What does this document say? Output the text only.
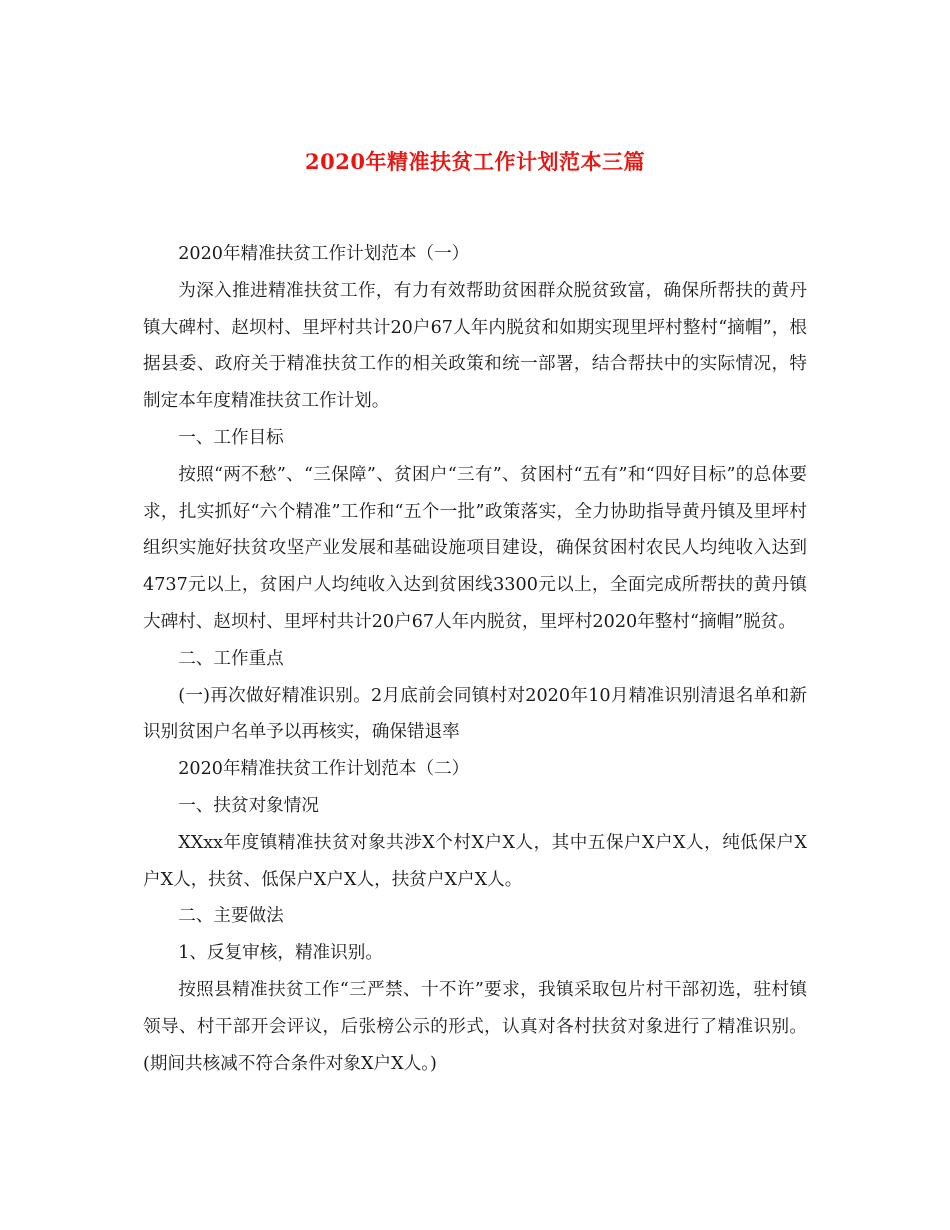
2020年精准扶贫工作计划范本三篇

2020年精准扶贫工作计划范本（一）

为深入推进精准扶贫工作，有力有效帮助贫困群众脱贫致富，确保所帮扶的黄丹镇大碑村、赵坝村、里坪村共计20户67人年内脱贫和如期实现里坪村整村“摘帽”，根据县委、政府关于精准扶贫工作的相关政策和统一部署，结合帮扶中的实际情况，特制定本年度精准扶贫工作计划。

一、工作目标

按照“两不愁”、“三保障”、贫困户“三有”、贫困村“五有”和“四好目标”的总体要求，扎实抓好“六个精准”工作和“五个一批”政策落实，全力协助指导黄丹镇及里坪村组织实施好扶贫攻坚产业发展和基础设施项目建设，确保贫困村农民人均纯收入达到4737元以上，贫困户人均纯收入达到贫困线3300元以上，全面完成所帮扶的黄丹镇大碑村、赵坝村、里坪村共计20户67人年内脱贫，里坪村2020年整村“摘帽”脱贫。

二、工作重点

(一)再次做好精准识别。2月底前会同镇村对2020年10月精准识别清退名单和新识别贫困户名单予以再核实，确保错退率

2020年精准扶贫工作计划范本（二）

一、扶贫对象情况

XXxx年度镇精准扶贫对象共涉X个村X户X人，其中五保户X户X人，纯低保户X户X人，扶贫、低保户X户X人，扶贫户X户X人。

二、主要做法

1、反复审核，精准识别。

按照县精准扶贫工作“三严禁、十不许”要求，我镇采取包片村干部初选，驻村镇领导、村干部开会评议，后张榜公示的形式，认真对各村扶贫对象进行了精准识别。(期间共核减不符合条件对象X户X人。)
